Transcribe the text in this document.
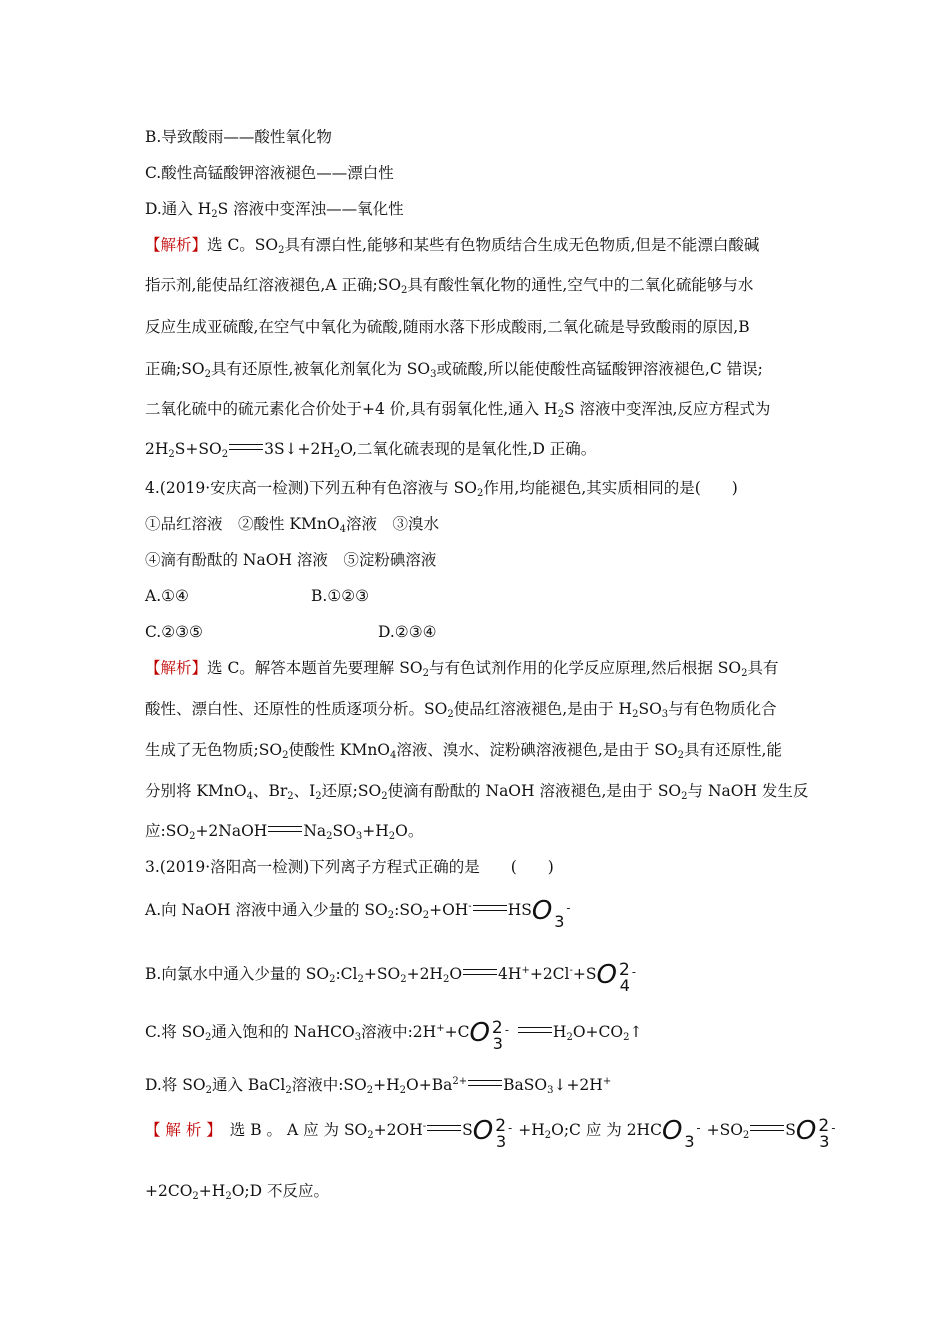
B.导致酸雨——酸性氧化物
C.酸性高锰酸钾溶液褪色——漂白性
D.通入 $H_2S$ 溶液中变浑浊——氧化性
【解析】选 C。$SO_2$具有漂白性,能够和某些有色物质结合生成无色物质,但是不能漂白酸碱
指示剂,能使品红溶液褪色,A 正确$;SO_2$具有酸性氧化物的通性,空气中的二氧化硫能够与水
反应生成亚硫酸,在空气中氧化为硫酸,随雨水落下形成酸雨,二氧化硫是导致酸雨的原因,B
正确$;SO_2$具有还原性,被氧化剂氧化为 $SO_3$或硫酸,所以能使酸性高锰酸钾溶液褪色,C 错误;
二氧化硫中的硫元素化合价处于+4 价,具有弱氧化性,通入 $H_2S$ 溶液中变浑浊,反应方程式为
$2H_2S+SO_2$ $3S↓+2H_2O$,二氧化硫表现的是氧化性,D 正确。
4.(2019·安庆高一检测)下列五种有色溶液与 $SO_2$作用,均能褪色,其实质相同的是(　　)
①品红溶液　②酸性 KMnO$_4$溶液　③溴水
④滴有酚酞的 NaOH 溶液　⑤淀粉碘溶液
A.①④	B.①②③
C.②③⑤	D.②③④
【解析】选 C。解答本题首先要理解 $SO_2$与有色试剂作用的化学反应原理,然后根据 $SO_2$具有
酸性、漂白性、还原性的性质逐项分析。$SO_2$使品红溶液褪色,是由于 $H_2SO_3$与有色物质化合
生成了无色物质$;SO_2$使酸性 KMnO$_4$溶液、溴水、淀粉碘溶液褪色,是由于 $SO_2$具有还原性,能
分别将 KMnO$_4$、$Br_2$、$I_2$还原$;SO_2$使滴有酚酞的 NaOH 溶液褪色,是由于 $SO_2$与 NaOH 发生反
应$:SO_2+2NaOH$ $Na_2SO_3+H_2O$。
3.(2019·洛阳高一检测)下列离子方程式正确的是　　(　　)
A.向 NaOH 溶液中通入少量的 $SO_2:SO_2+OH^-$ HSO 3
-
B.向氯水中通入少量的 $SO_2:Cl_2+SO_2+2H_2O$ 4H++2Cl-+SO 2 -
4
C.将 $SO_2$通入饱和的 NaHCO$_3$溶液中:2H++CO 2 -
$3H_2O+CO_2↑$
D.将 $SO_2$通入 BaCl$_2$溶液中$:SO_2+H_2O+Ba^{2+}$ BaSO$_3$↓+2H+
【 解 析 】 选 B 。 A 应 为 $SO_2+2OH^-$ SO 2 -
$3+H_2O;C$ 应 为 2HCO 3
- $+SO_2$ SO 2 -
3
$+2CO_2+H_2O;D$ 不反应。
